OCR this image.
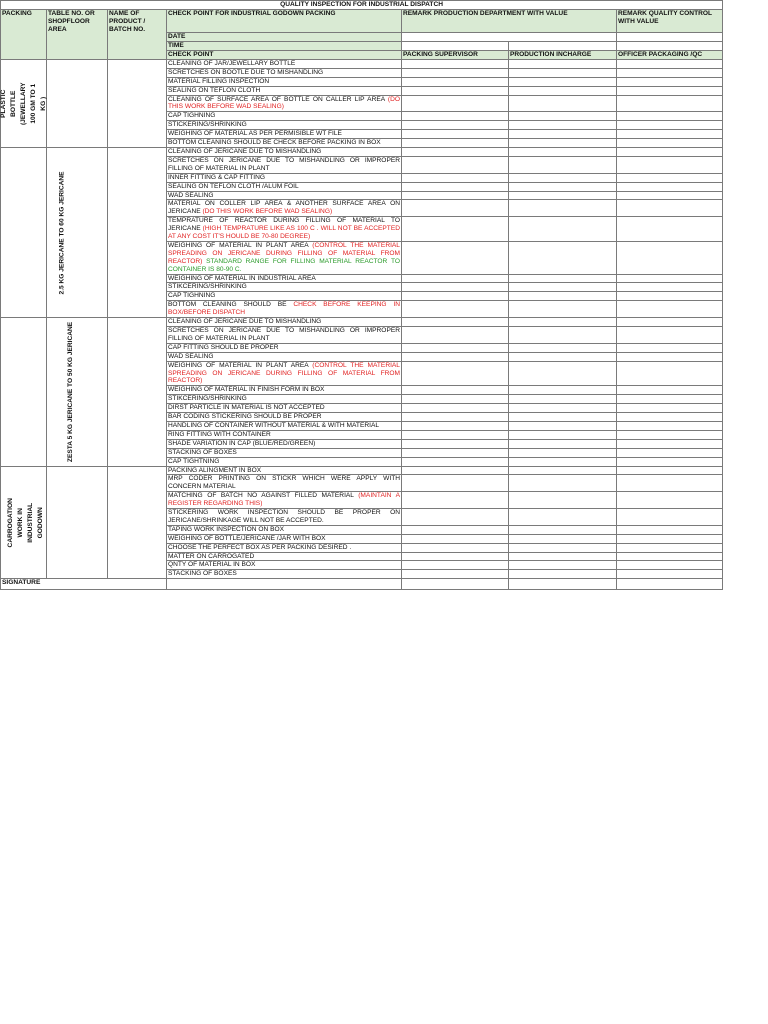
QUALITY INSPECTION FOR INDUSTRIAL DISPATCH						
PACKING	TABLE NO. OR SHOPFLOOR AREA	NAME OF PRODUCT / BATCH NO.	CHECK POINT FOR INDUSTRIAL GODOWN PACKING	REMARK PRODUCTION DEPARTMENT WITH VALUE		REMARK QUALITY CONTROL WITH VALUE
			DATE			
			TIME			
			CHECK POINT	PACKING SUPERVISOR	PRODUCTION INCHARGE	OFFICER PACKAGING /QC
PLASTIC BOTTLE (JEWELLARY 100 GM TO 1 KG )			CLEANING OF JAR/JEWELLARY BOTTLE			
			SCRETCHES ON BOOTLE DUE TO MISHANDLING			
			MATERIAL FILLING INSPECTION			
			SEALING ON TEFLON CLOTH			
			CLEANING OF SURFACE AREA OF BOTTLE ON CALLER LIP AREA (DO THIS WORK BEFORE WAD SEALING)			
			CAP TIGHNING			
			STICKERING/SHRINKING			
			WEIGHING OF MATERIAL AS PER PERMISIBLE WT FILE			
			BOTTOM CLEANING SHOULD BE CHECK BEFORE PACKING IN BOX			
2.5 KG JERICANE TO 60 KG JERICANE			CLEANING OF JERICANE DUE TO MISHANDLING			
			SCRETCHES ON JERICANE DUE TO MISHANDLING OR IMPROPER FILLING OF MATERIAL IN PLANT			
			INNER FITTING & CAP FITTING			
			SEALING ON TEFLON CLOTH /ALUM FOIL			
			WAD SEALING			
			MATERIAL ON COLLER LIP AREA & ANOTHER SURFACE AREA ON JERICANE (DO THIS WORK BEFORE WAD SEALING)			
			TEMPRATURE OF REACTOR DURING FILLING OF MATERIAL TO JERICANE (HIGH TEMPRATURE LIKE AS 100 C . WILL NOT BE ACCEPTED AT ANY COST IT'S HOULD BE 70-80 DEGREE)			
			WEIGHING OF MATERIAL IN PLANT AREA (CONTROL THE MATERIAL SPREADING ON JERICANE DURING FILLING OF MATERIAL FROM REACTOR) STANDARD RANGE FOR FILLING MATERIAL REACTOR TO CONTAINER IS 80-90 C.			
			WEIGHING OF MATERIAL IN INDUSTRIAL AREA			
			STIKCERING/SHRINKING			
			CAP TIGHNING			
			BOTTOM CLEANING SHOULD BE CHECK BEFORE KEEPING IN BOX/BEFORE DISPATCH			
ZESTA 5 KG JERICANE TO 50 KG JERICANE			CLEANING OF JERICANE DUE TO MISHANDLING			
			SCRETCHES ON JERICANE DUE TO MISHANDLING OR IMPROPER FILLING OF MATERIAL IN PLANT			
			CAP FITTING SHOULD BE PROPER			
			WAD SEALING			
			WEIGHING OF MATERIAL IN PLANT AREA (CONTROL THE MATERIAL SPREADING ON JERICANE DURING FILLING OF MATERIAL FROM REACTOR)			
			WEIGHING OF MATERIAL IN FINISH FORM IN BOX			
			STIKCERING/SHRINKING			
			DIRST PARTICLE IN MATERIAL IS NOT ACCEPTED			
			BAR CODING STICKERING SHOULD BE PROPER			
			HANDLING OF CONTAINER WITHOUT MATERIAL & WITH MATERIAL			
			RING FITTING WITH CONTAINER			
			SHADE VARIATION IN CAP (BLUE/RED/GREEN)			
			STACKING OF BOXES			
			CAP TIGHTNING			
CARROGATION WORK IN INDUSTRIAL GODOWN			PACKING ALINGMENT IN BOX			
			MRP CODER PRINTING ON STICKR WHICH WERE APPLY WITH CONCERN MATERIAL			
			MATCHING OF BATCH NO AGAINST FILLED MATERIAL (MAINTAIN A REGISTER REGARDING THIS)			
			STICKERING WORK INSPECTION SHOULD BE PROPER ON JERICANE/SHRINKAGE WILL NOT BE ACCEPTED.			
			TAPING WORK INSPECTION ON BOX			
			WEIGHING OF BOTTLE/JERICANE /JAR WITH BOX			
			CHOOSE THE PERFECT BOX AS PER PACKING DESIRED .			
			MATTER ON CARROGATED			
			QNTY OF MATERIAL IN BOX			
			STACKING OF BOXES			
SIGNATURE						
